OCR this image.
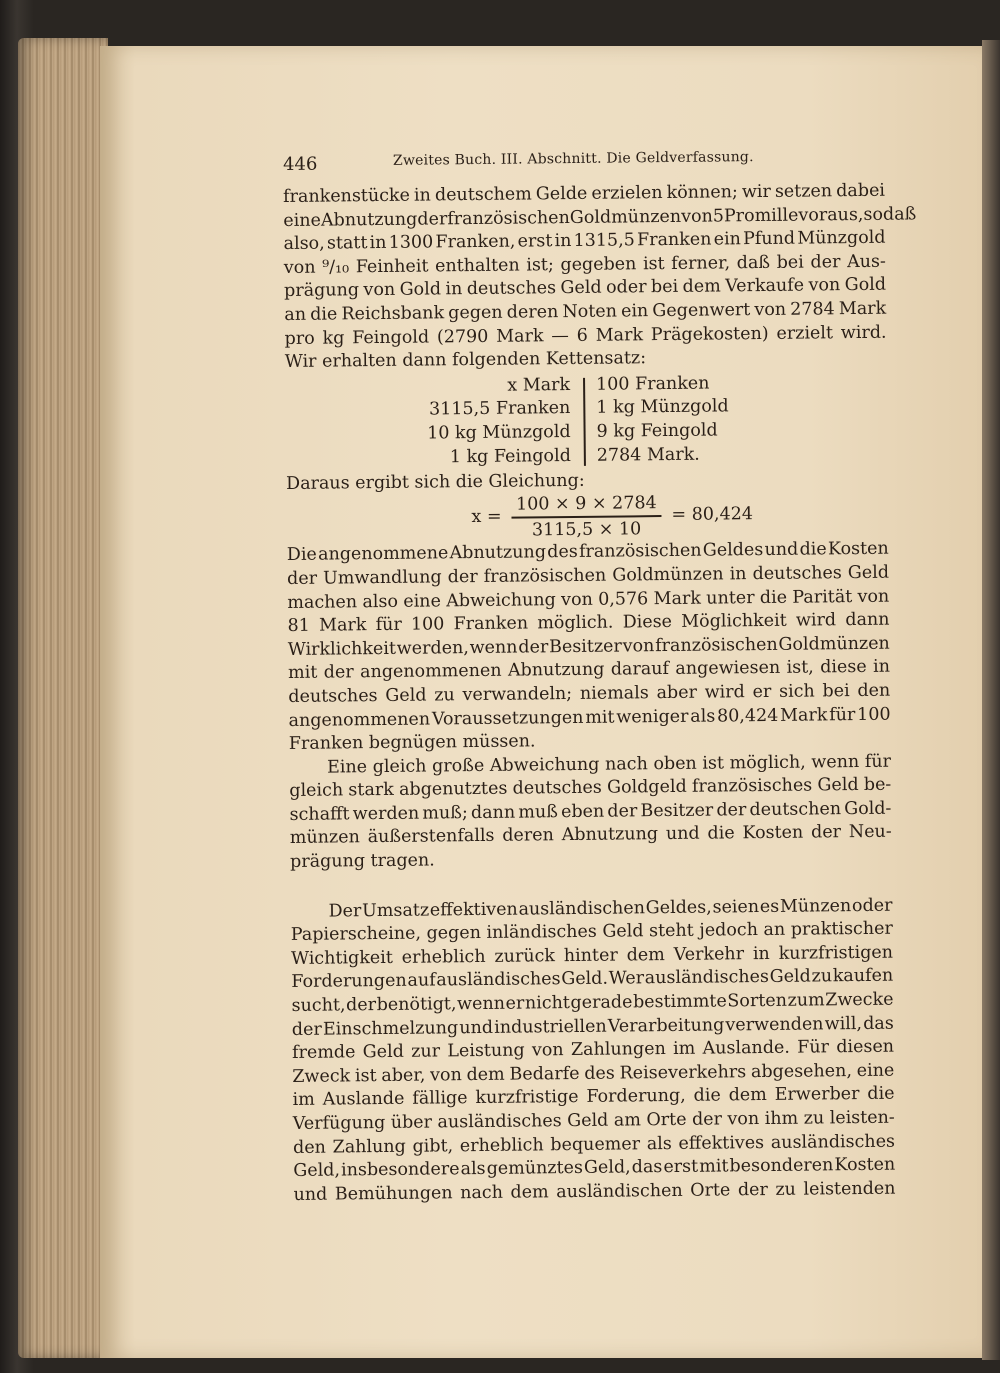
446	Zweites Buch. III. Abschnitt. Die Geldverfassung.
frankenstücke in deutschem Gelde erzielen können; wir setzen dabei
eine Abnutzung der französischen Goldmünzen von 5 Promille voraus, sodaß
also, statt in 1300 Franken, erst in 1315,5 Franken ein Pfund Münzgold
von ⁹/₁₀ Feinheit enthalten ist; gegeben ist ferner, daß bei der Aus-
prägung von Gold in deutsches Geld oder bei dem Verkaufe von Gold
an die Reichsbank gegen deren Noten ein Gegenwert von 2784 Mark
pro kg Feingold (2790 Mark — 6 Mark Prägekosten) erzielt wird.
Wir erhalten dann folgenden Kettensatz:
x Mark
3115,5 Franken
10 kg Münzgold
1 kg Feingold
100 Franken
1 kg Münzgold
9 kg Feingold
2784 Mark.
Daraus ergibt sich die Gleichung:
x =
100 × 9 × 2784
3115,5 × 10
= 80,424
Die angenommene Abnutzung des französischen Geldes und die Kosten
der Umwandlung der französischen Goldmünzen in deutsches Geld
machen also eine Abweichung von 0,576 Mark unter die Parität von
81 Mark für 100 Franken möglich. Diese Möglichkeit wird dann
Wirklichkeit werden, wenn der Besitzer von französischen Goldmünzen
mit der angenommenen Abnutzung darauf angewiesen ist, diese in
deutsches Geld zu verwandeln; niemals aber wird er sich bei den
angenommenen Voraussetzungen mit weniger als 80,424 Mark für 100
Franken begnügen müssen.
Eine gleich große Abweichung nach oben ist möglich, wenn für
gleich stark abgenutztes deutsches Goldgeld französisches Geld be-
schafft werden muß; dann muß eben der Besitzer der deutschen Gold-
münzen äußerstenfalls deren Abnutzung und die Kosten der Neu-
prägung tragen.
Der Umsatz effektiven ausländischen Geldes, seien es Münzen oder
Papierscheine, gegen inländisches Geld steht jedoch an praktischer
Wichtigkeit erheblich zurück hinter dem Verkehr in kurzfristigen
Forderungen auf ausländisches Geld. Wer ausländisches Geld zu kaufen
sucht, der benötigt, wenn er nicht gerade bestimmte Sorten zum Zwecke
der Einschmelzung und industriellen Verarbeitung verwenden will, das
fremde Geld zur Leistung von Zahlungen im Auslande. Für diesen
Zweck ist aber, von dem Bedarfe des Reiseverkehrs abgesehen, eine
im Auslande fällige kurzfristige Forderung, die dem Erwerber die
Verfügung über ausländisches Geld am Orte der von ihm zu leisten-
den Zahlung gibt, erheblich bequemer als effektives ausländisches
Geld, insbesondere als gemünztes Geld, das erst mit besonderen Kosten
und Bemühungen nach dem ausländischen Orte der zu leistenden
